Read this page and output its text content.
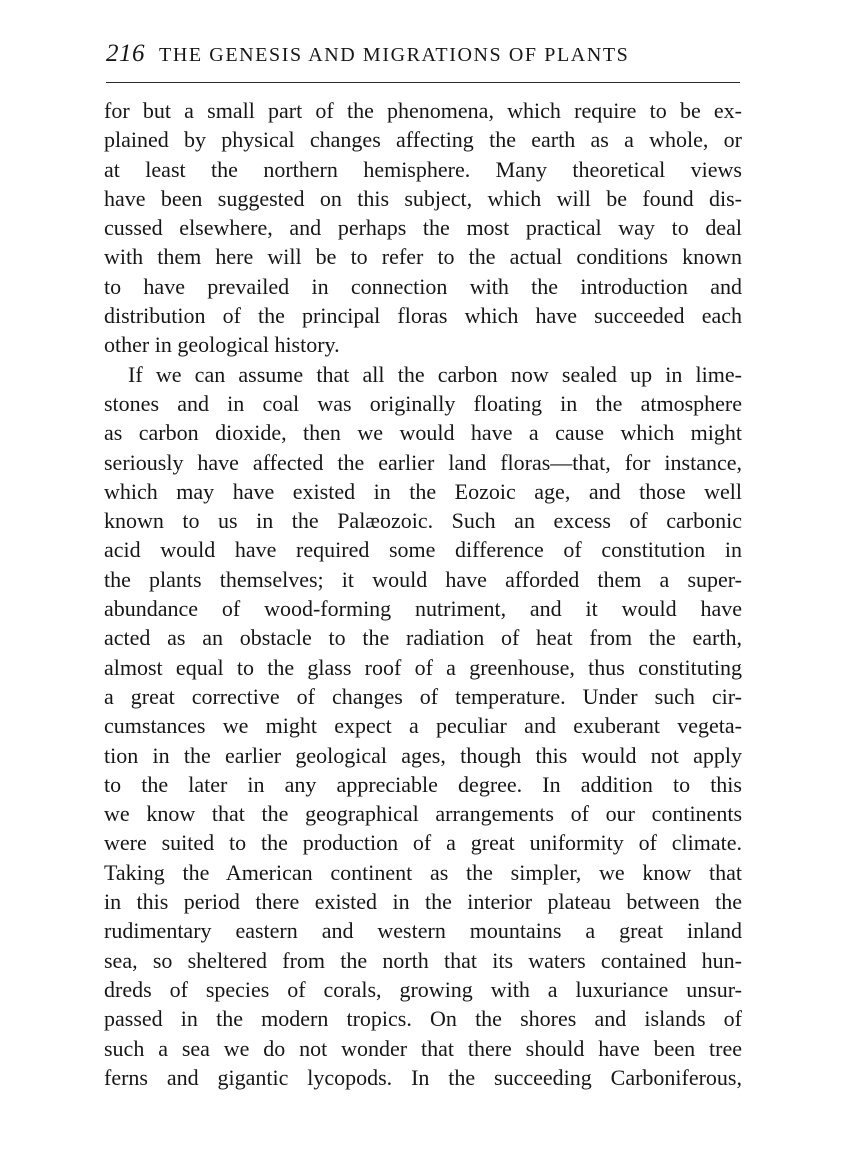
216 THE GENESIS AND MIGRATIONS OF PLANTS
for but a small part of the phenomena, which require to be ex-
plained by physical changes affecting the earth as a whole, or
at least the northern hemisphere. Many theoretical views
have been suggested on this subject, which will be found dis-
cussed elsewhere, and perhaps the most practical way to deal
with them here will be to refer to the actual conditions known
to have prevailed in connection with the introduction and
distribution of the principal floras which have succeeded each
other in geological history.
If we can assume that all the carbon now sealed up in lime-
stones and in coal was originally floating in the atmosphere
as carbon dioxide, then we would have a cause which might
seriously have affected the earlier land floras—that, for instance,
which may have existed in the Eozoic age, and those well
known to us in the Palæozoic. Such an excess of carbonic
acid would have required some difference of constitution in
the plants themselves; it would have afforded them a super-
abundance of wood-forming nutriment, and it would have
acted as an obstacle to the radiation of heat from the earth,
almost equal to the glass roof of a greenhouse, thus constituting
a great corrective of changes of temperature. Under such cir-
cumstances we might expect a peculiar and exuberant vegeta-
tion in the earlier geological ages, though this would not apply
to the later in any appreciable degree. In addition to this
we know that the geographical arrangements of our continents
were suited to the production of a great uniformity of climate.
Taking the American continent as the simpler, we know that
in this period there existed in the interior plateau between the
rudimentary eastern and western mountains a great inland
sea, so sheltered from the north that its waters contained hun-
dreds of species of corals, growing with a luxuriance unsur-
passed in the modern tropics. On the shores and islands of
such a sea we do not wonder that there should have been tree
ferns and gigantic lycopods. In the succeeding Carboniferous,
